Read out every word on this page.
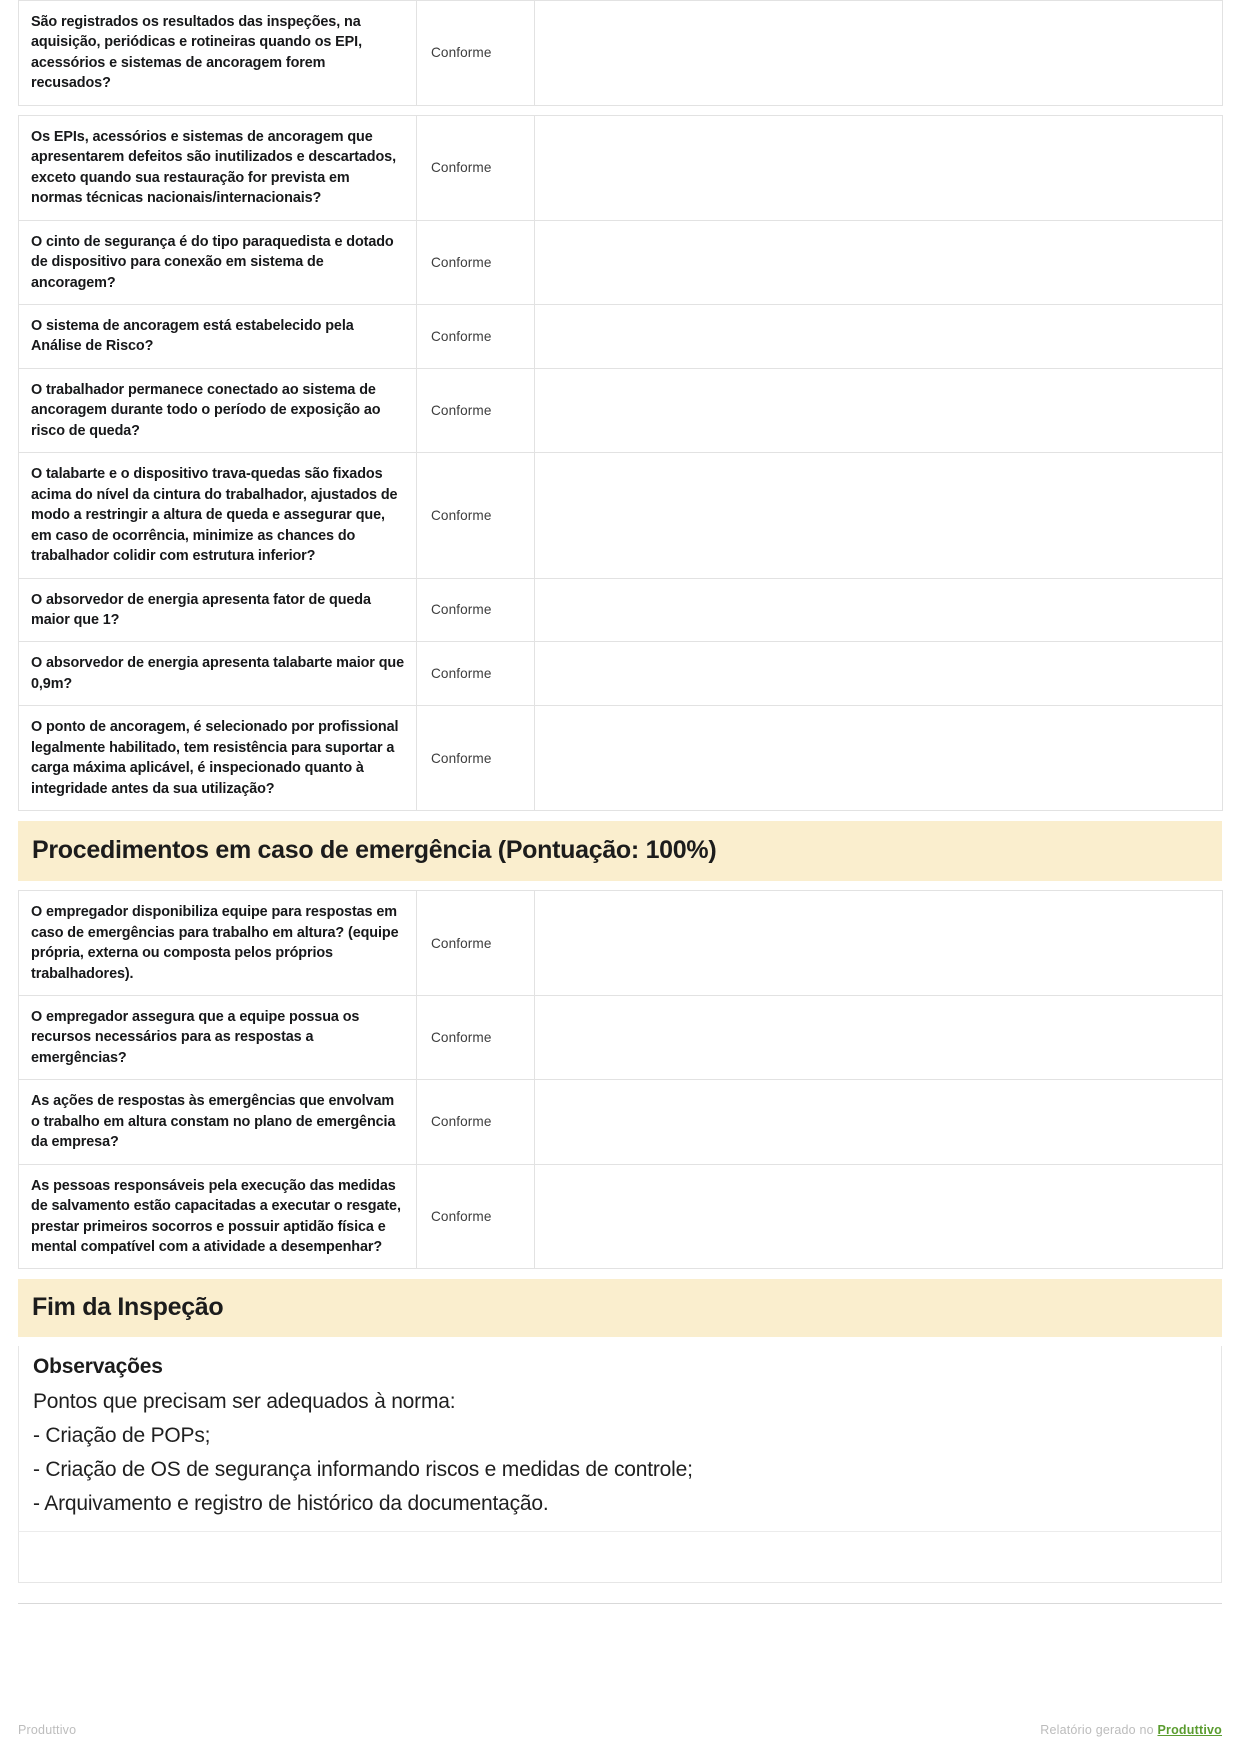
São registrados os resultados das inspeções, na aquisição, periódicas e rotineiras quando os EPI, acessórios e sistemas de ancoragem forem recusados?	Conforme	

Os EPIs, acessórios e sistemas de ancoragem que apresentarem defeitos são inutilizados e descartados, exceto quando sua restauração for prevista em normas técnicas nacionais/internacionais?	Conforme	

O cinto de segurança é do tipo paraquedista e dotado de dispositivo para conexão em sistema de ancoragem?	Conforme	

O sistema de ancoragem está estabelecido pela Análise de Risco?	Conforme	

O trabalhador permanece conectado ao sistema de ancoragem durante todo o período de exposição ao risco de queda?	Conforme	

O talabarte e o dispositivo trava-quedas são fixados acima do nível da cintura do trabalhador, ajustados de modo a restringir a altura de queda e assegurar que, em caso de ocorrência, minimize as chances do trabalhador colidir com estrutura inferior?	Conforme	

O absorvedor de energia apresenta fator de queda maior que 1?	Conforme	

O absorvedor de energia apresenta talabarte maior que 0,9m?	Conforme	

O ponto de ancoragem, é selecionado por profissional legalmente habilitado, tem resistência para suportar a carga máxima aplicável, é inspecionado quanto à integridade antes da sua utilização?	Conforme	

Procedimentos em caso de emergência (Pontuação: 100%)
O empregador disponibiliza equipe para respostas em caso de emergências para trabalho em altura? (equipe própria, externa ou composta pelos próprios trabalhadores).	Conforme	

O empregador assegura que a equipe possua os recursos necessários para as respostas a emergências?	Conforme	

As ações de respostas às emergências que envolvam o trabalho em altura constam no plano de emergência da empresa?	Conforme	

As pessoas responsáveis pela execução das medidas de salvamento estão capacitadas a executar o resgate, prestar primeiros socorros e possuir aptidão física e mental compatível com a atividade a desempenhar?	Conforme	

Fim da Inspeção
Observações
Pontos que precisam ser adequados à norma:
- Criação de POPs;
- Criação de OS de segurança informando riscos e medidas de controle;
- Arquivamento e registro de histórico da documentação.
Produttivo	Relatório gerado no Produttivo
